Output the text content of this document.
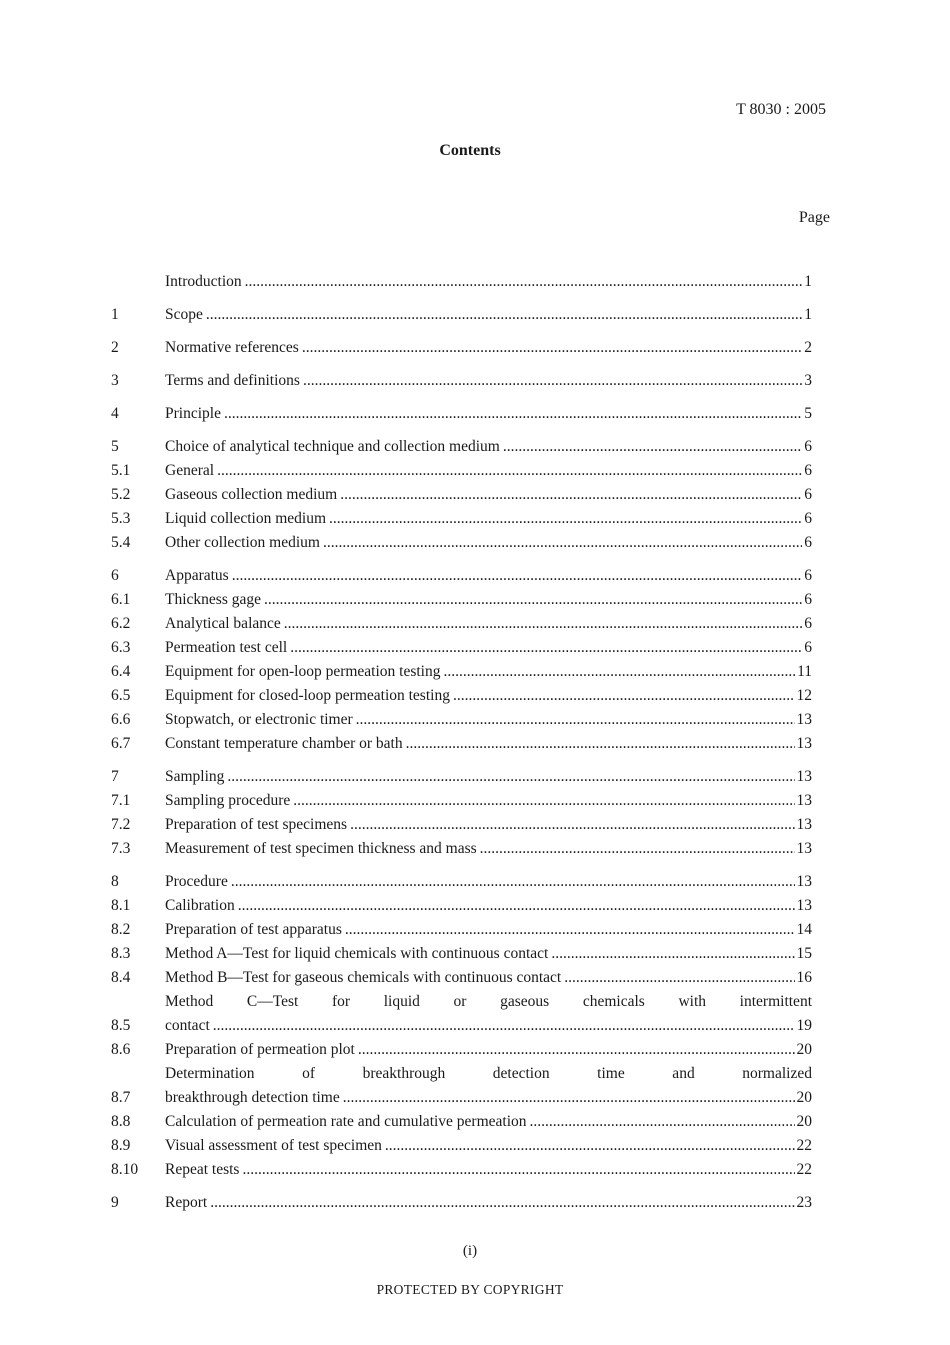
T 8030 : 2005
Contents
Page
Introduction .....	1
1	Scope .....	1
2	Normative references .....	2
3	Terms and definitions .....	3
4	Principle .....	5
5	Choice of analytical technique and collection medium .....	6
5.1	General .....	6
5.2	Gaseous collection medium .....	6
5.3	Liquid collection medium .....	6
5.4	Other collection medium .....	6
6	Apparatus .....	6
6.1	Thickness gage .....	6
6.2	Analytical balance .....	6
6.3	Permeation test cell .....	6
6.4	Equipment for open-loop permeation testing .....	11
6.5	Equipment for closed-loop permeation testing .....	12
6.6	Stopwatch, or electronic timer .....	13
6.7	Constant temperature chamber or bath .....	13
7	Sampling .....	13
7.1	Sampling procedure .....	13
7.2	Preparation of test specimens .....	13
7.3	Measurement of test specimen thickness and mass .....	13
8	Procedure .....	13
8.1	Calibration .....	13
8.2	Preparation of test apparatus .....	14
8.3	Method A—Test for liquid chemicals with continuous contact .....	15
8.4	Method B—Test for gaseous chemicals with continuous contact .....	16
8.5
Method C—Test for liquid or gaseous chemicals with intermittent
contact .....	19
8.6	Preparation of permeation plot .....	20
8.7
Determination of breakthrough detection time and normalized
breakthrough detection time .....	20
8.8	Calculation of permeation rate and cumulative permeation .....	20
8.9	Visual assessment of test specimen .....	22
8.10	Repeat tests .....	22
9	Report .....	23
(i)
PROTECTED BY COPYRIGHT
